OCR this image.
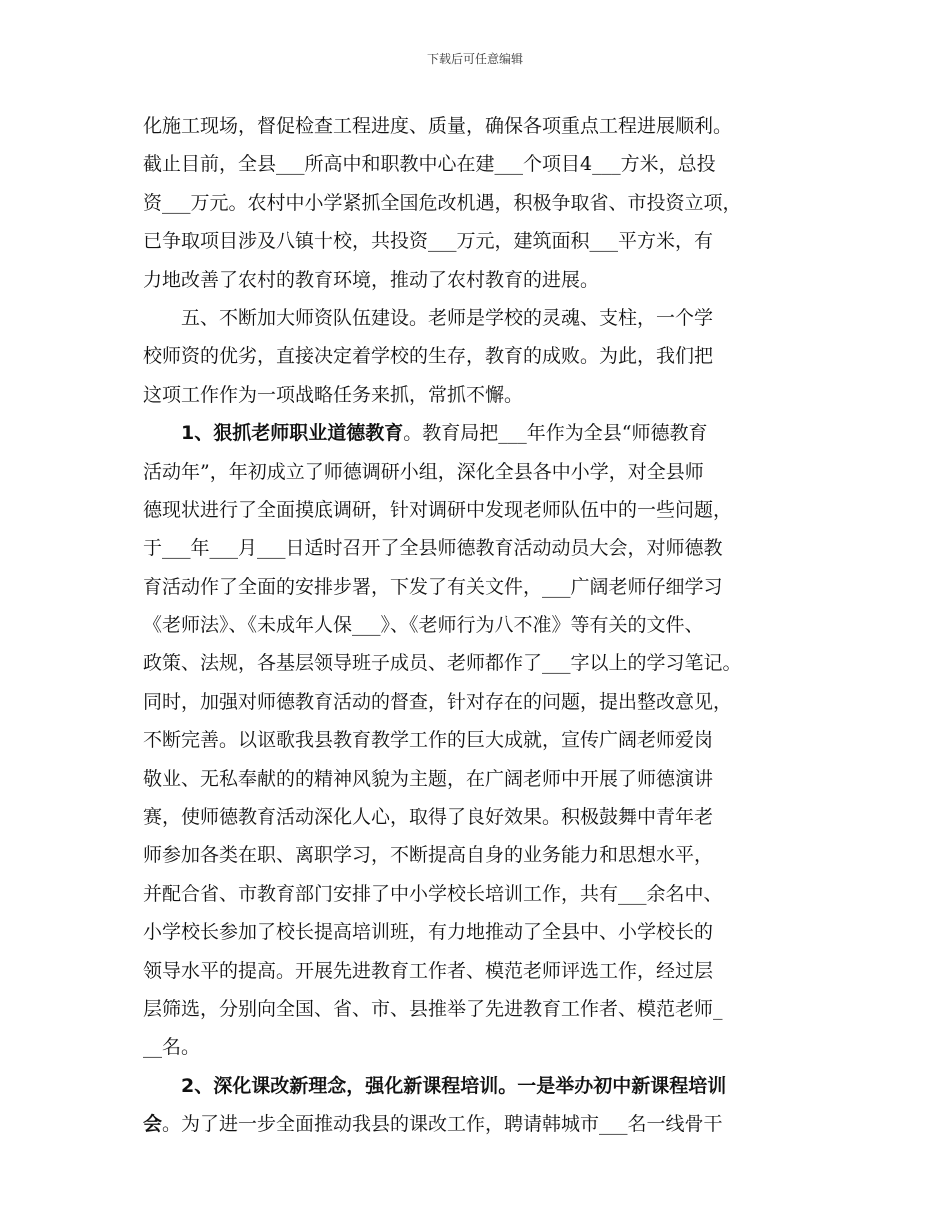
下载后可任意编辑
化施工现场，督促检查工程进度、质量，确保各项重点工程进展顺利。
截止目前，全县___所高中和职教中心在建___个项目4___方米，总投
资___万元。农村中小学紧抓全国危改机遇，积极争取省、市投资立项，
已争取项目涉及八镇十校，共投资___万元，建筑面积___平方米，有
力地改善了农村的教育环境，推动了农村教育的进展。
五、不断加大师资队伍建设。老师是学校的灵魂、支柱，一个学
校师资的优劣，直接决定着学校的生存，教育的成败。为此，我们把
这项工作作为一项战略任务来抓，常抓不懈。
1、狠抓老师职业道德教育。教育局把___年作为全县“师德教育
活动年”，年初成立了师德调研小组，深化全县各中小学，对全县师
德现状进行了全面摸底调研，针对调研中发现老师队伍中的一些问题，
于___年___月___日适时召开了全县师德教育活动动员大会，对师德教
育活动作了全面的安排步署，下发了有关文件，___广阔老师仔细学习
《老师法》、《未成年人保___》、《老师行为八不准》等有关的文件、
政策、法规，各基层领导班子成员、老师都作了___字以上的学习笔记。
同时，加强对师德教育活动的督查，针对存在的问题，提出整改意见，
不断完善。以讴歌我县教育教学工作的巨大成就，宣传广阔老师爱岗
敬业、无私奉献的的精神风貌为主题，在广阔老师中开展了师德演讲
赛，使师德教育活动深化人心，取得了良好效果。积极鼓舞中青年老
师参加各类在职、离职学习，不断提高自身的业务能力和思想水平，
并配合省、市教育部门安排了中小学校长培训工作，共有___余名中、
小学校长参加了校长提高培训班，有力地推动了全县中、小学校长的
领导水平的提高。开展先进教育工作者、模范老师评选工作，经过层
层筛选，分别向全国、省、市、县推举了先进教育工作者、模范老师_
__名。
2、深化课改新理念，强化新课程培训。一是举办初中新课程培训
会。为了进一步全面推动我县的课改工作，聘请韩城市___名一线骨干
